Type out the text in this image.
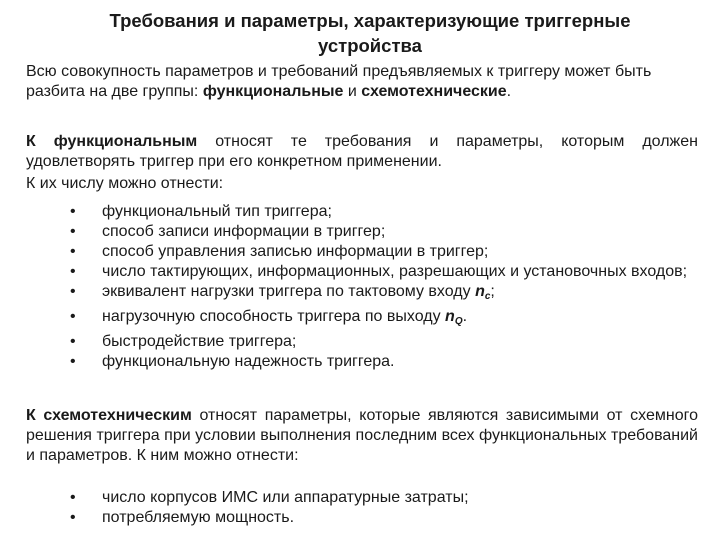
Требования и параметры, характеризующие триггерные устройства

Всю совокупность параметров и требований предъявляемых к триггеру может быть разбита на две группы: функциональные и схемотехнические.

К функциональным относят те требования и параметры, которым должен удовлетворять триггер при его конкретном применении.

К их числу можно отнести:

• функциональный тип триггера;
• способ записи информации в триггер;
• способ управления записью информации в триггер;
• число тактирующих, информационных, разрешающих и установочных входов;
• эквивалент нагрузки триггера по тактовому входу $n_c$;
• нагрузочную способность триггера по выходу $n_Q$.
• быстродействие триггера;
• функциональную надежность триггера.

К схемотехническим относят параметры, которые являются зависимыми от схемного решения триггера при условии выполнения последним всех функциональных требований и параметров. К ним можно отнести:

• число корпусов ИМС или аппаратурные затраты;
• потребляемую мощность.
